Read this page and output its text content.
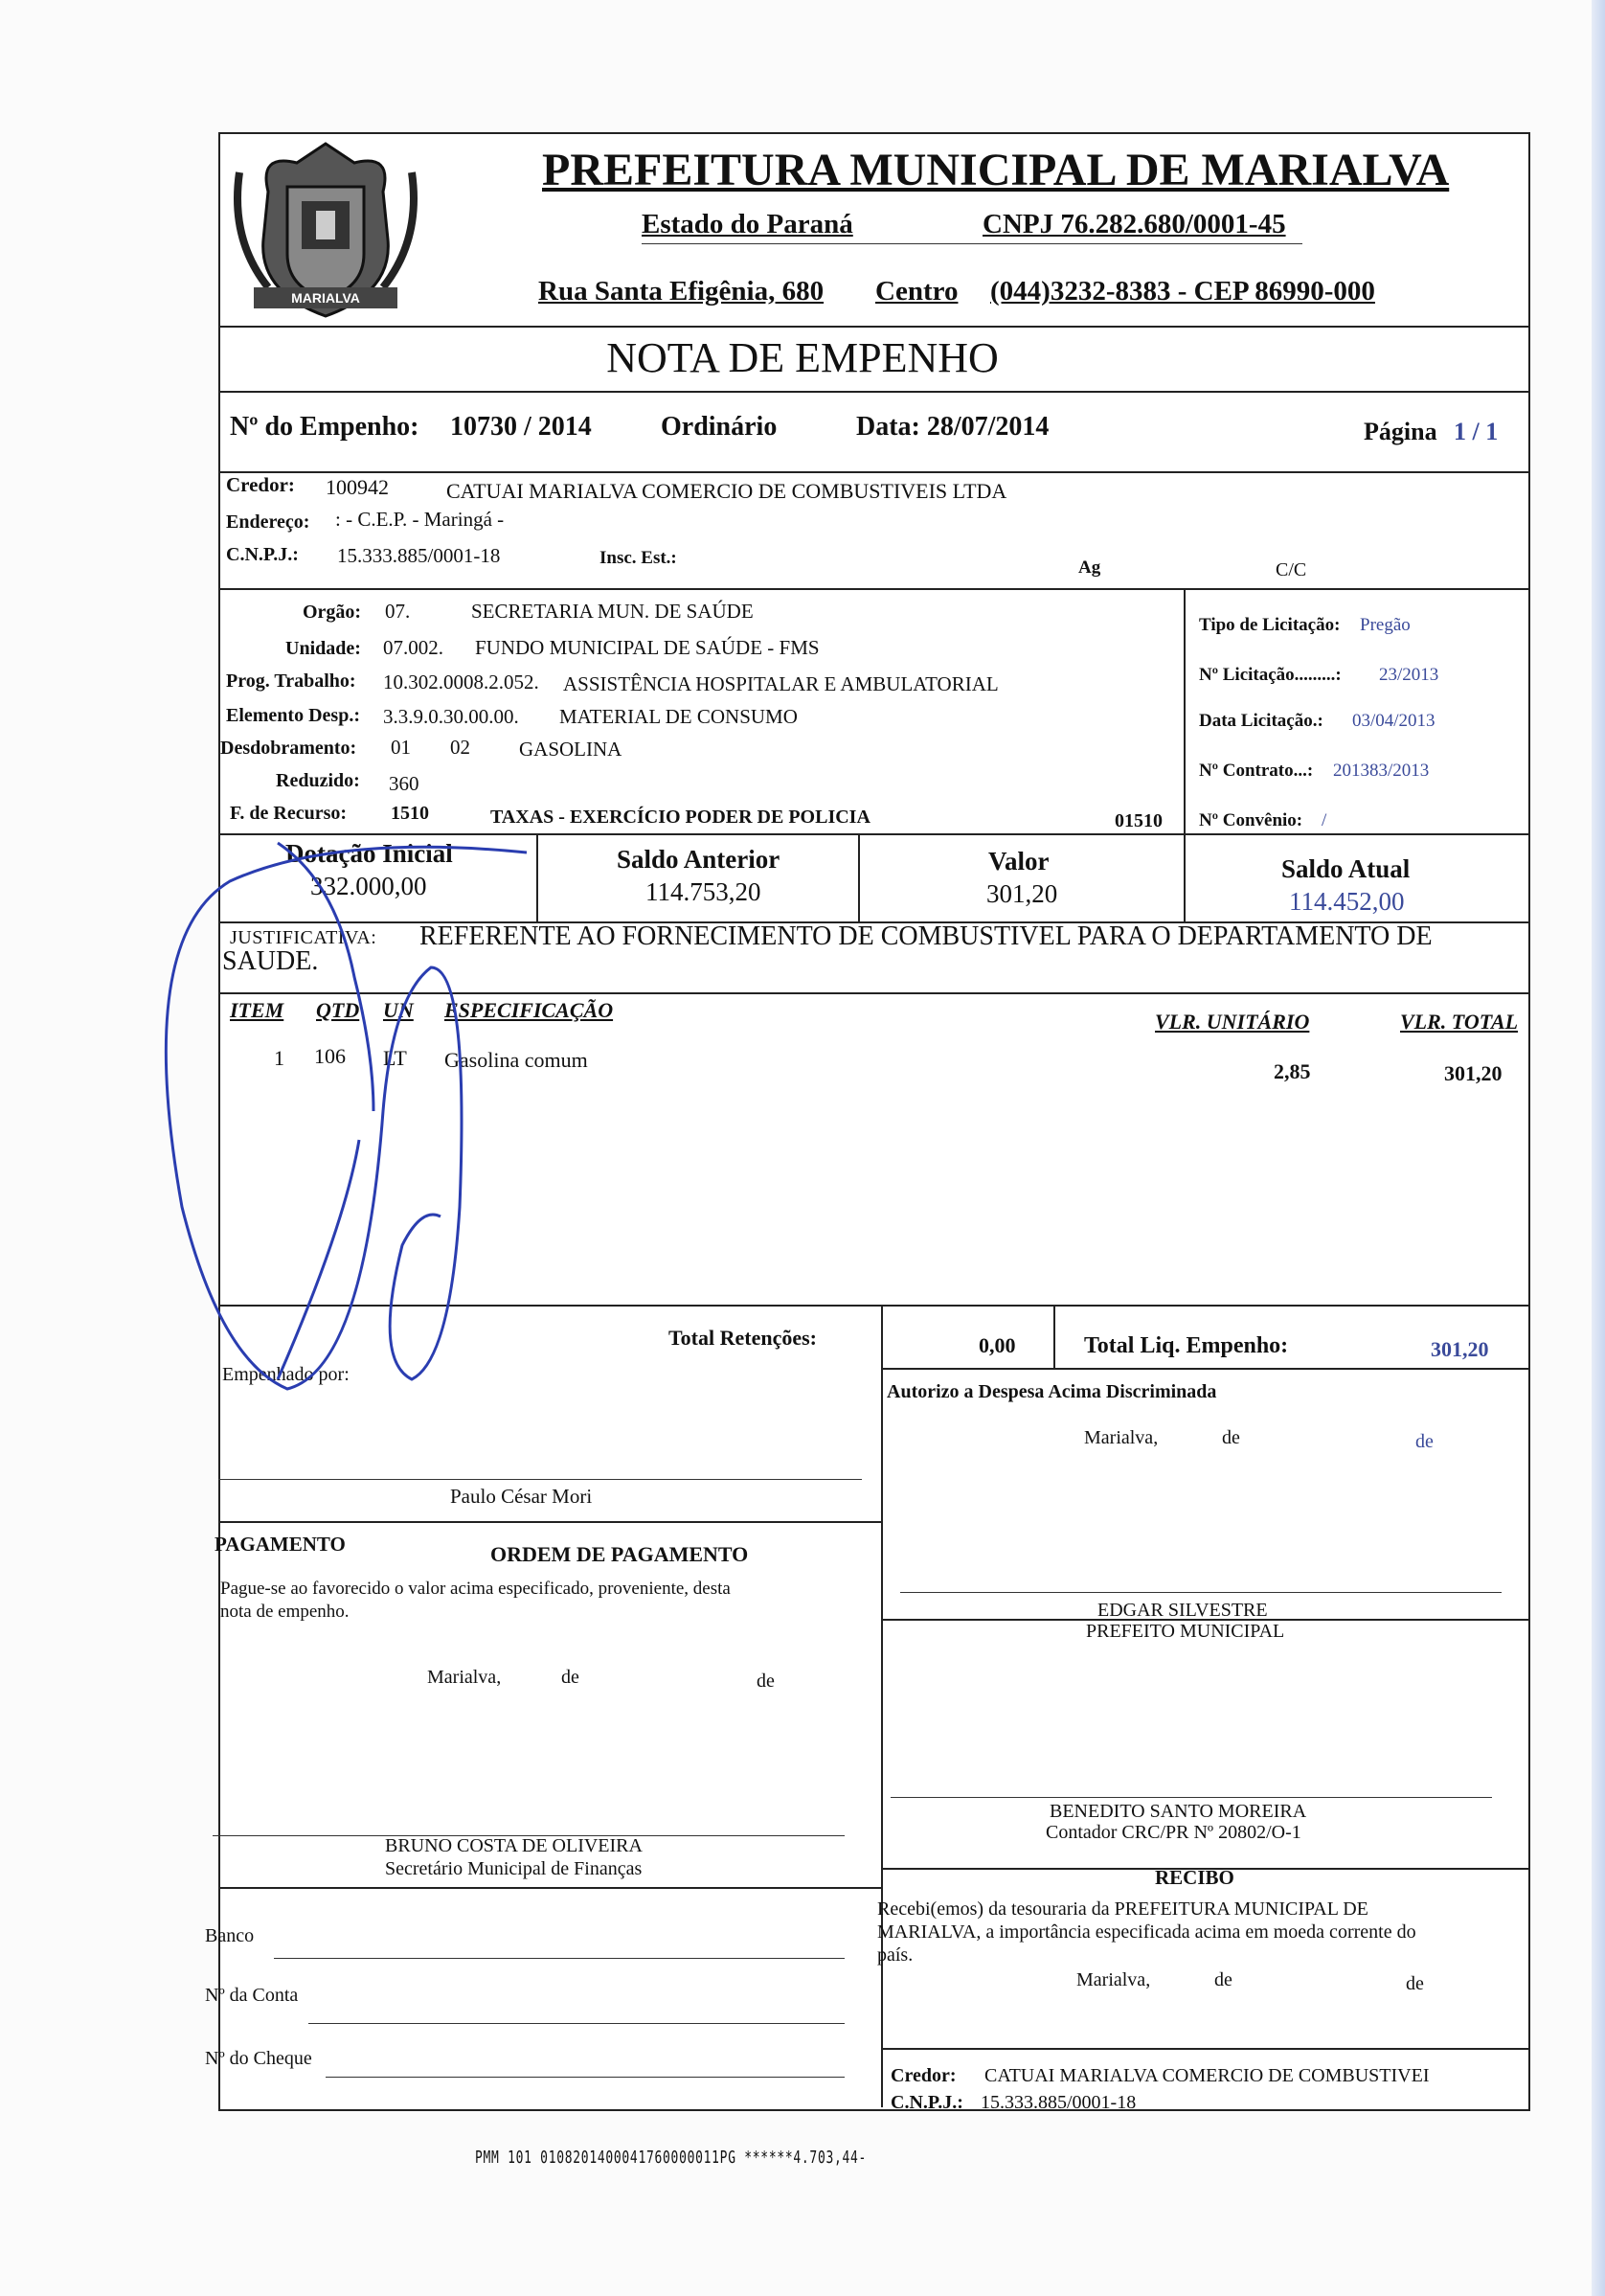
MARIALVA
PREFEITURA MUNICIPAL DE MARIALVA
Estado do Paraná	CNPJ 76.282.680/0001-45
Rua Santa Efigênia, 680 Centro (044)3232-8383 - CEP 86990-000
NOTA DE EMPENHO
Nº do Empenho: 10730 / 2014	Ordinário	Data: 28/07/2014	Página 1 / 1
Credor: 100942	CATUAI MARIALVA COMERCIO DE COMBUSTIVEIS LTDA
Endereço: : - C.E.P. - Maringá -
C.N.P.J.: 15.333.885/0001-18	Insc. Est.:	Ag	C/C
Orgão: 07.	SECRETARIA MUN. DE SAÚDE
Unidade: 07.002. FUNDO MUNICIPAL DE SAÚDE - FMS
Prog. Trabalho: 10.302.0008.2.052. ASSISTÊNCIA HOSPITALAR E AMBULATORIAL
Elemento Desp.: 3.3.9.0.30.00.00. MATERIAL DE CONSUMO
Desdobramento: 01 02 GASOLINA
Reduzido: 360
F. de Recurso: 1510	TAXAS - EXERCÍCIO PODER DE POLICIA	01510
Tipo de Licitação: Pregão
Nº Licitação.........: 23/2013
Data Licitação.: 03/04/2013
Nº Contrato...: 201383/2013
Nº Convênio: /
Dotação Inicial
332.000,00
Saldo Anterior
114.753,20
Valor
301,20
Saldo Atual
114.452,00
JUSTIFICATIVA: REFERENTE AO FORNECIMENTO DE COMBUSTIVEL PARA O DEPARTAMENTO DE
SAUDE.
ITEM QTD UN ESPECIFICAÇÃO	VLR. UNITÁRIO	VLR. TOTAL
1 106 LT Gasolina comum	2,85	301,20
Total Retenções:	0,00	Total Liq. Empenho:	301,20
Empenhado por:
Paulo César Mori
Autorizo a Despesa Acima Discriminada
Marialva,	de	de
EDGAR SILVESTRE
PREFEITO MUNICIPAL
PAGAMENTO	ORDEM DE PAGAMENTO
Pague-se ao favorecido o valor acima especificado, proveniente, desta
nota de empenho.
Marialva,	de	de
BENEDITO SANTO MOREIRA
Contador CRC/PR Nº 20802/O-1
BRUNO COSTA DE OLIVEIRA
Secretário Municipal de Finanças	RECIBO
Recebi(emos) da tesouraria da PREFEITURA MUNICIPAL DE
MARIALVA, a importância especificada acima em moeda corrente do
país.
Marialva,	de	de
Credor: CATUAI MARIALVA COMERCIO DE COMBUSTIVEI
C.N.P.J.: 15.333.885/0001-18
Banco
Nº da Conta
Nº do Cheque
PMM 101 0108201400041760000011PG ******4.703,44-
